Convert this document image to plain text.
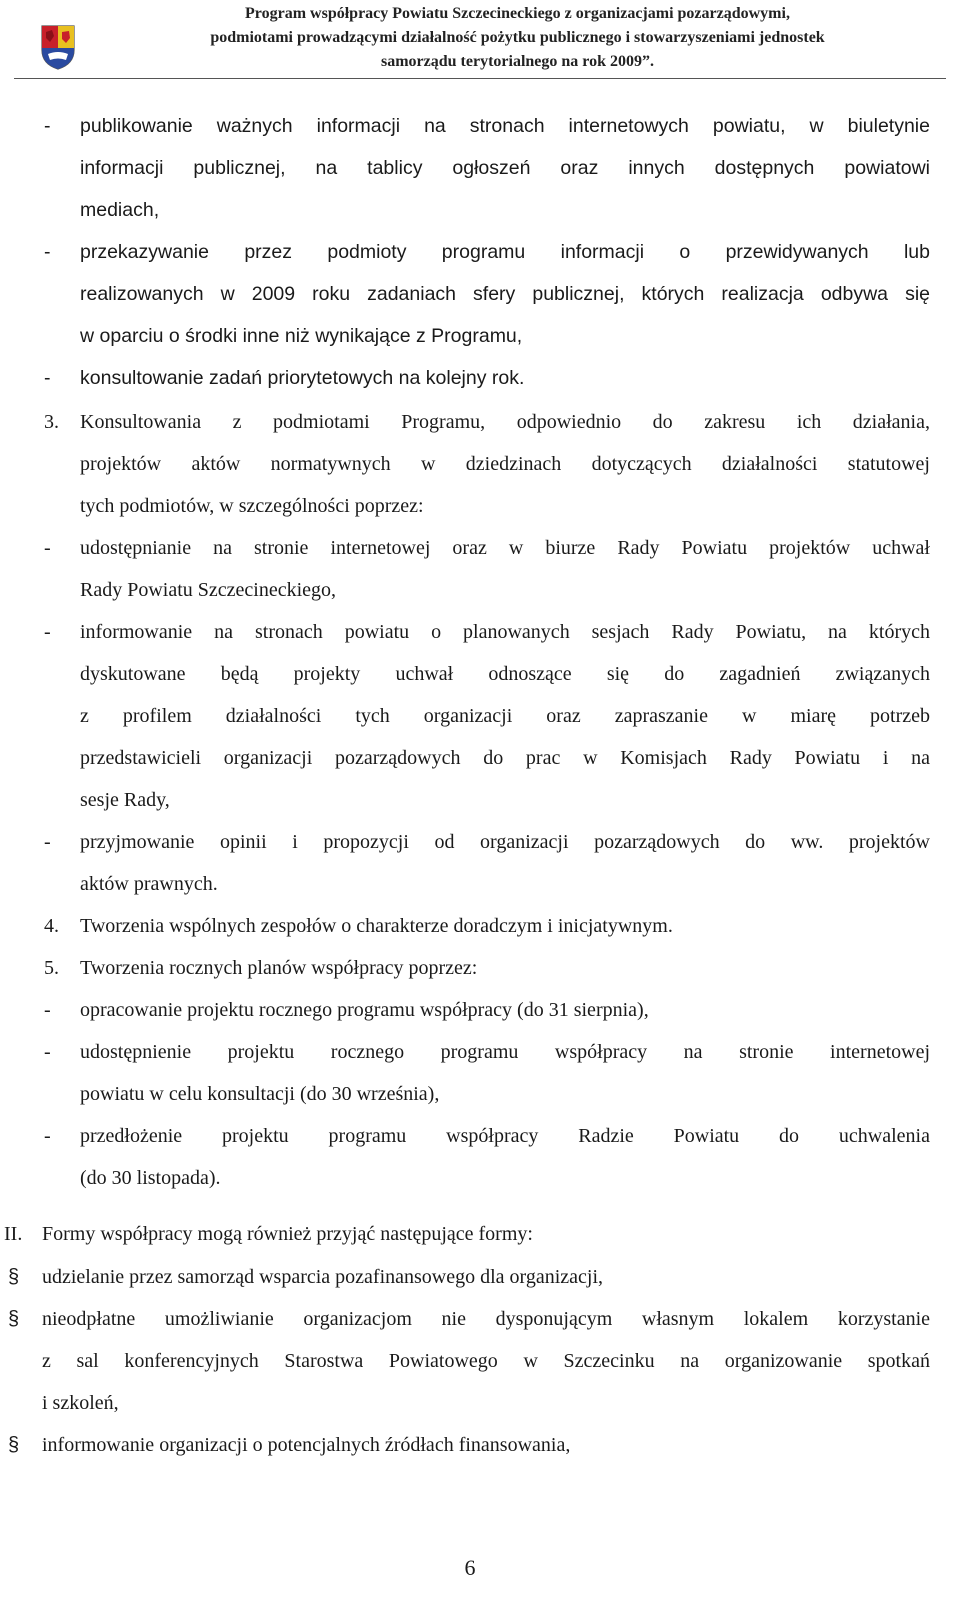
Program współpracy Powiatu Szczecineckiego z organizacjami pozarządowymi,
podmiotami prowadzącymi działalność pożytku publicznego i stowarzyszeniami jednostek
samorządu terytorialnego na rok 2009”.
- publikowanie ważnych informacji na stronach internetowych powiatu, w biuletynie
informacji publicznej, na tablicy ogłoszeń oraz innych dostępnych powiatowi
mediach,
- przekazywanie przez podmioty programu informacji o przewidywanych lub
realizowanych w 2009 roku zadaniach sfery publicznej, których realizacja odbywa się
w oparciu o środki inne niż wynikające z Programu,
- konsultowanie zadań priorytetowych na kolejny rok.
3. Konsultowania z podmiotami Programu, odpowiednio do zakresu ich działania,
projektów aktów normatywnych w dziedzinach dotyczących działalności statutowej
tych podmiotów, w szczególności poprzez:
- udostępnianie na stronie internetowej oraz w biurze Rady Powiatu projektów uchwał
Rady Powiatu Szczecineckiego,
- informowanie na stronach powiatu o planowanych sesjach Rady Powiatu, na których
dyskutowane będą projekty uchwał odnoszące się do zagadnień związanych
z profilem działalności tych organizacji oraz zapraszanie w miarę potrzeb
przedstawicieli organizacji pozarządowych do prac w Komisjach Rady Powiatu i na
sesje Rady,
- przyjmowanie opinii i propozycji od organizacji pozarządowych do ww. projektów
aktów prawnych.
4. Tworzenia wspólnych zespołów o charakterze doradczym i inicjatywnym.
5. Tworzenia rocznych planów współpracy poprzez:
- opracowanie projektu rocznego programu współpracy (do 31 sierpnia),
- udostępnienie projektu rocznego programu współpracy na stronie internetowej
powiatu w celu konsultacji (do 30 września),
- przedłożenie projektu programu współpracy Radzie Powiatu do uchwalenia
(do 30 listopada).
II. Formy współpracy mogą również przyjąć następujące formy:
§ udzielanie przez samorząd wsparcia pozafinansowego dla organizacji,
§ nieodpłatne umożliwianie organizacjom nie dysponującym własnym lokalem korzystanie
z sal konferencyjnych Starostwa Powiatowego w Szczecinku na organizowanie spotkań
i szkoleń,
§ informowanie organizacji o potencjalnych źródłach finansowania,
6
